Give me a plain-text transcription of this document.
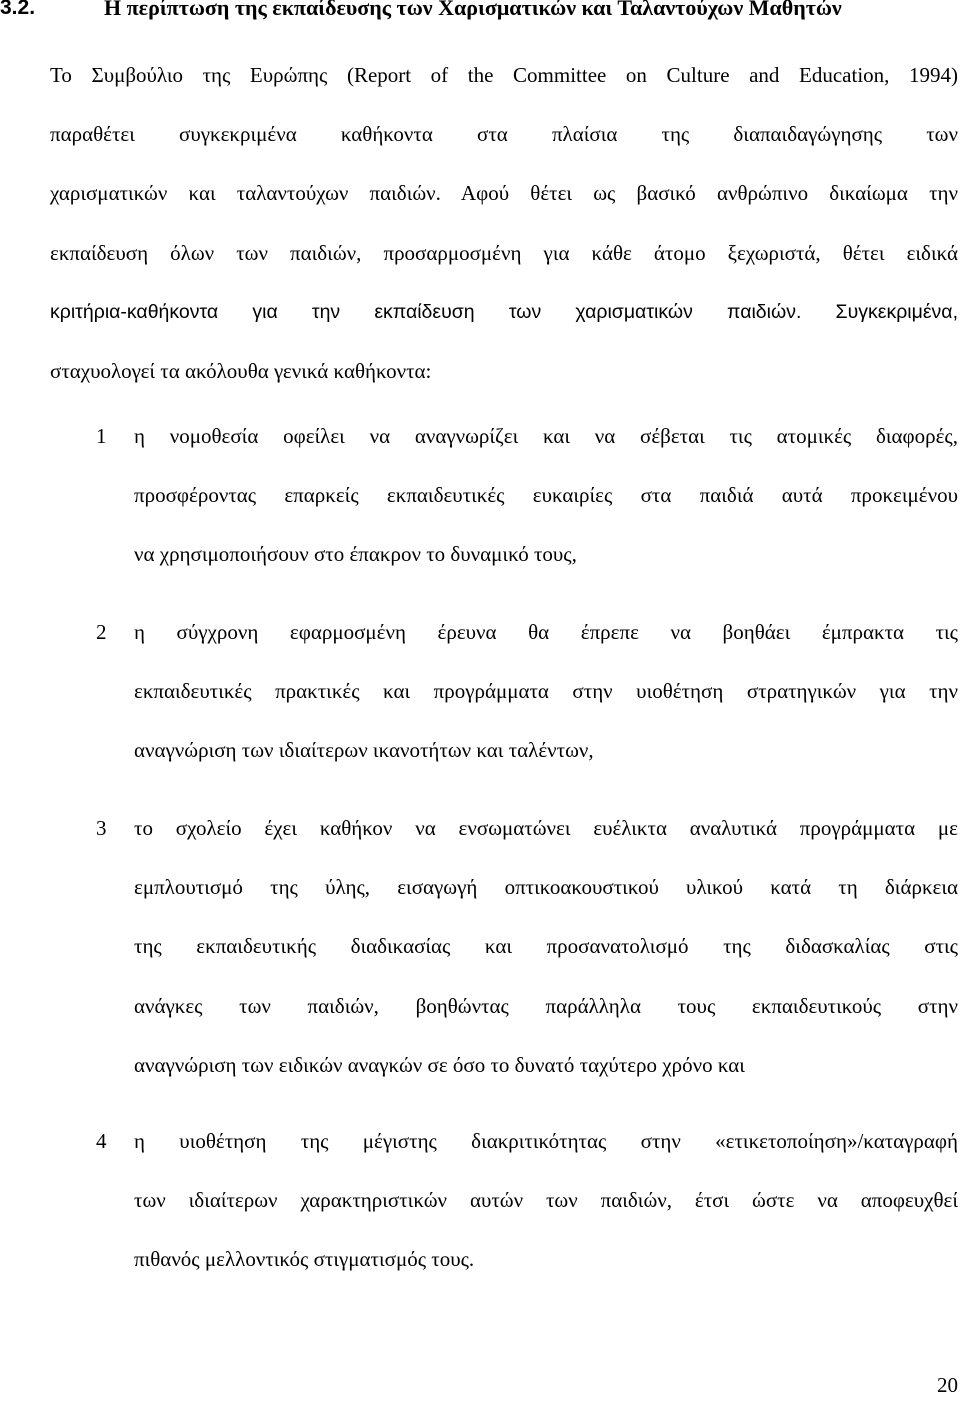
3.2.	Η περίπτωση της εκπαίδευσης των Χαρισματικών και Ταλαντούχων Μαθητών
Το Συμβούλιο της Ευρώπης (Report of the Committee on Culture and Education, 1994)
παραθέτει συγκεκριμένα καθήκοντα στα πλαίσια της διαπαιδαγώγησης των
χαρισματικών και ταλαντούχων παιδιών. Αφού θέτει ως βασικό ανθρώπινο δικαίωμα την
εκπαίδευση όλων των παιδιών, προσαρμοσμένη για κάθε άτομο ξεχωριστά, θέτει ειδικά
κριτήρια-καθήκοντα για την εκπαίδευση των χαρισματικών παιδιών. Συγκεκριμένα,
σταχυολογεί τα ακόλουθα γενικά καθήκοντα:
1	η νομοθεσία οφείλει να αναγνωρίζει και να σέβεται τις ατομικές διαφορές,
προσφέροντας επαρκείς εκπαιδευτικές ευκαιρίες στα παιδιά αυτά προκειμένου
να χρησιμοποιήσουν στο έπακρον το δυναμικό τους,
2	η σύγχρονη εφαρμοσμένη έρευνα θα έπρεπε να βοηθάει έμπρακτα τις
εκπαιδευτικές πρακτικές και προγράμματα στην υιοθέτηση στρατηγικών για την
αναγνώριση των ιδιαίτερων ικανοτήτων και ταλέντων,
3	το σχολείο έχει καθήκον να ενσωματώνει ευέλικτα αναλυτικά προγράμματα με
εμπλουτισμό της ύλης, εισαγωγή οπτικοακουστικού υλικού κατά τη διάρκεια
της εκπαιδευτικής διαδικασίας και προσανατολισμό της διδασκαλίας στις
ανάγκες των παιδιών, βοηθώντας παράλληλα τους εκπαιδευτικούς στην
αναγνώριση των ειδικών αναγκών σε όσο το δυνατό ταχύτερο χρόνο και
4	η υιοθέτηση της μέγιστης διακριτικότητας στην «ετικετοποίηση»/καταγραφή
των ιδιαίτερων χαρακτηριστικών αυτών των παιδιών, έτσι ώστε να αποφευχθεί
πιθανός μελλοντικός στιγματισμός τους.
20
